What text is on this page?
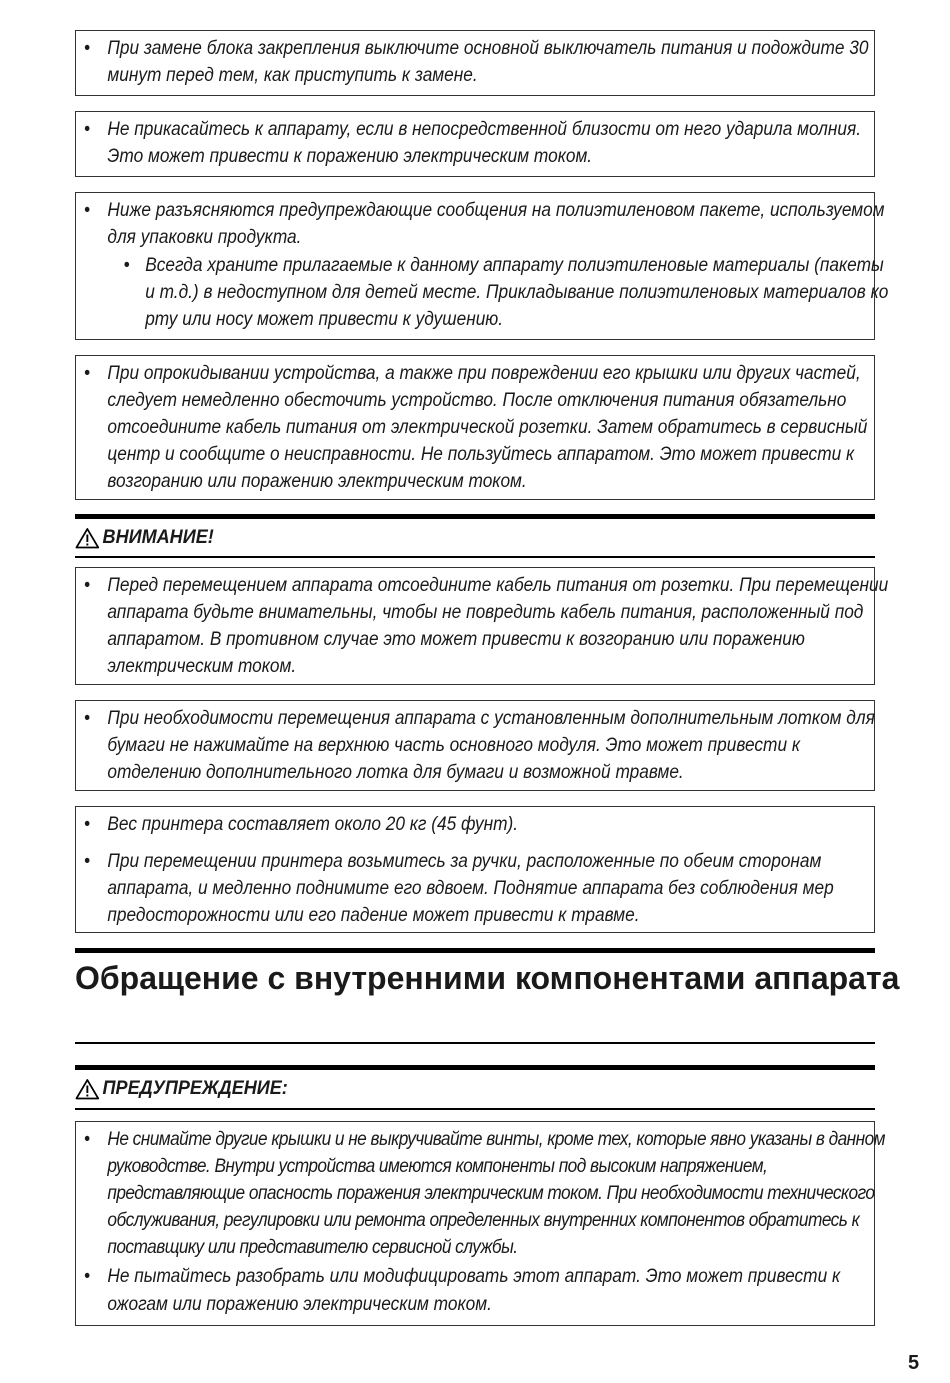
• При замене блока закрепления выключите основной выключатель питания и подождите 30 минут перед тем, как приступить к замене.
• Не прикасайтесь к аппарату, если в непосредственной близости от него ударила молния. Это может привести к поражению электрическим током.
• Ниже разъясняются предупреждающие сообщения на полиэтиленовом пакете, используемом для упаковки продукта.
• Всегда храните прилагаемые к данному аппарату полиэтиленовые материалы (пакеты и т.д.) в недоступном для детей месте. Прикладывание полиэтиленовых материалов ко рту или носу может привести к удушению.
• При опрокидывании устройства, а также при повреждении его крышки или других частей, следует немедленно обесточить устройство. После отключения питания обязательно отсоедините кабель питания от электрической розетки. Затем обратитесь в сервисный центр и сообщите о неисправности. Не пользуйтесь аппаратом. Это может привести к возгоранию или поражению электрическим током.
ВНИМАНИЕ!
• Перед перемещением аппарата отсоедините кабель питания от розетки. При перемещении аппарата будьте внимательны, чтобы не повредить кабель питания, расположенный под аппаратом. В противном случае это может привести к возгоранию или поражению электрическим током.
• При необходимости перемещения аппарата с установленным дополнительным лотком для бумаги не нажимайте на верхнюю часть основного модуля. Это может привести к отделению дополнительного лотка для бумаги и возможной травме.
• Вес принтера составляет около 20 кг (45 фунт).
• При перемещении принтера возьмитесь за ручки, расположенные по обеим сторонам аппарата, и медленно поднимите его вдвоем. Поднятие аппарата без соблюдения мер предосторожности или его падение может привести к травме.
Обращение с внутренними компонентами аппарата
ПРЕДУПРЕЖДЕНИЕ:
• Не снимайте другие крышки и не выкручивайте винты, кроме тех, которые явно указаны в данном руководстве. Внутри устройства имеются компоненты под высоким напряжением, представляющие опасность поражения электрическим током. При необходимости технического обслуживания, регулировки или ремонта определенных внутренних компонентов обратитесь к поставщику или представителю сервисной службы.
• Не пытайтесь разобрать или модифицировать этот аппарат. Это может привести к ожогам или поражению электрическим током.
5
